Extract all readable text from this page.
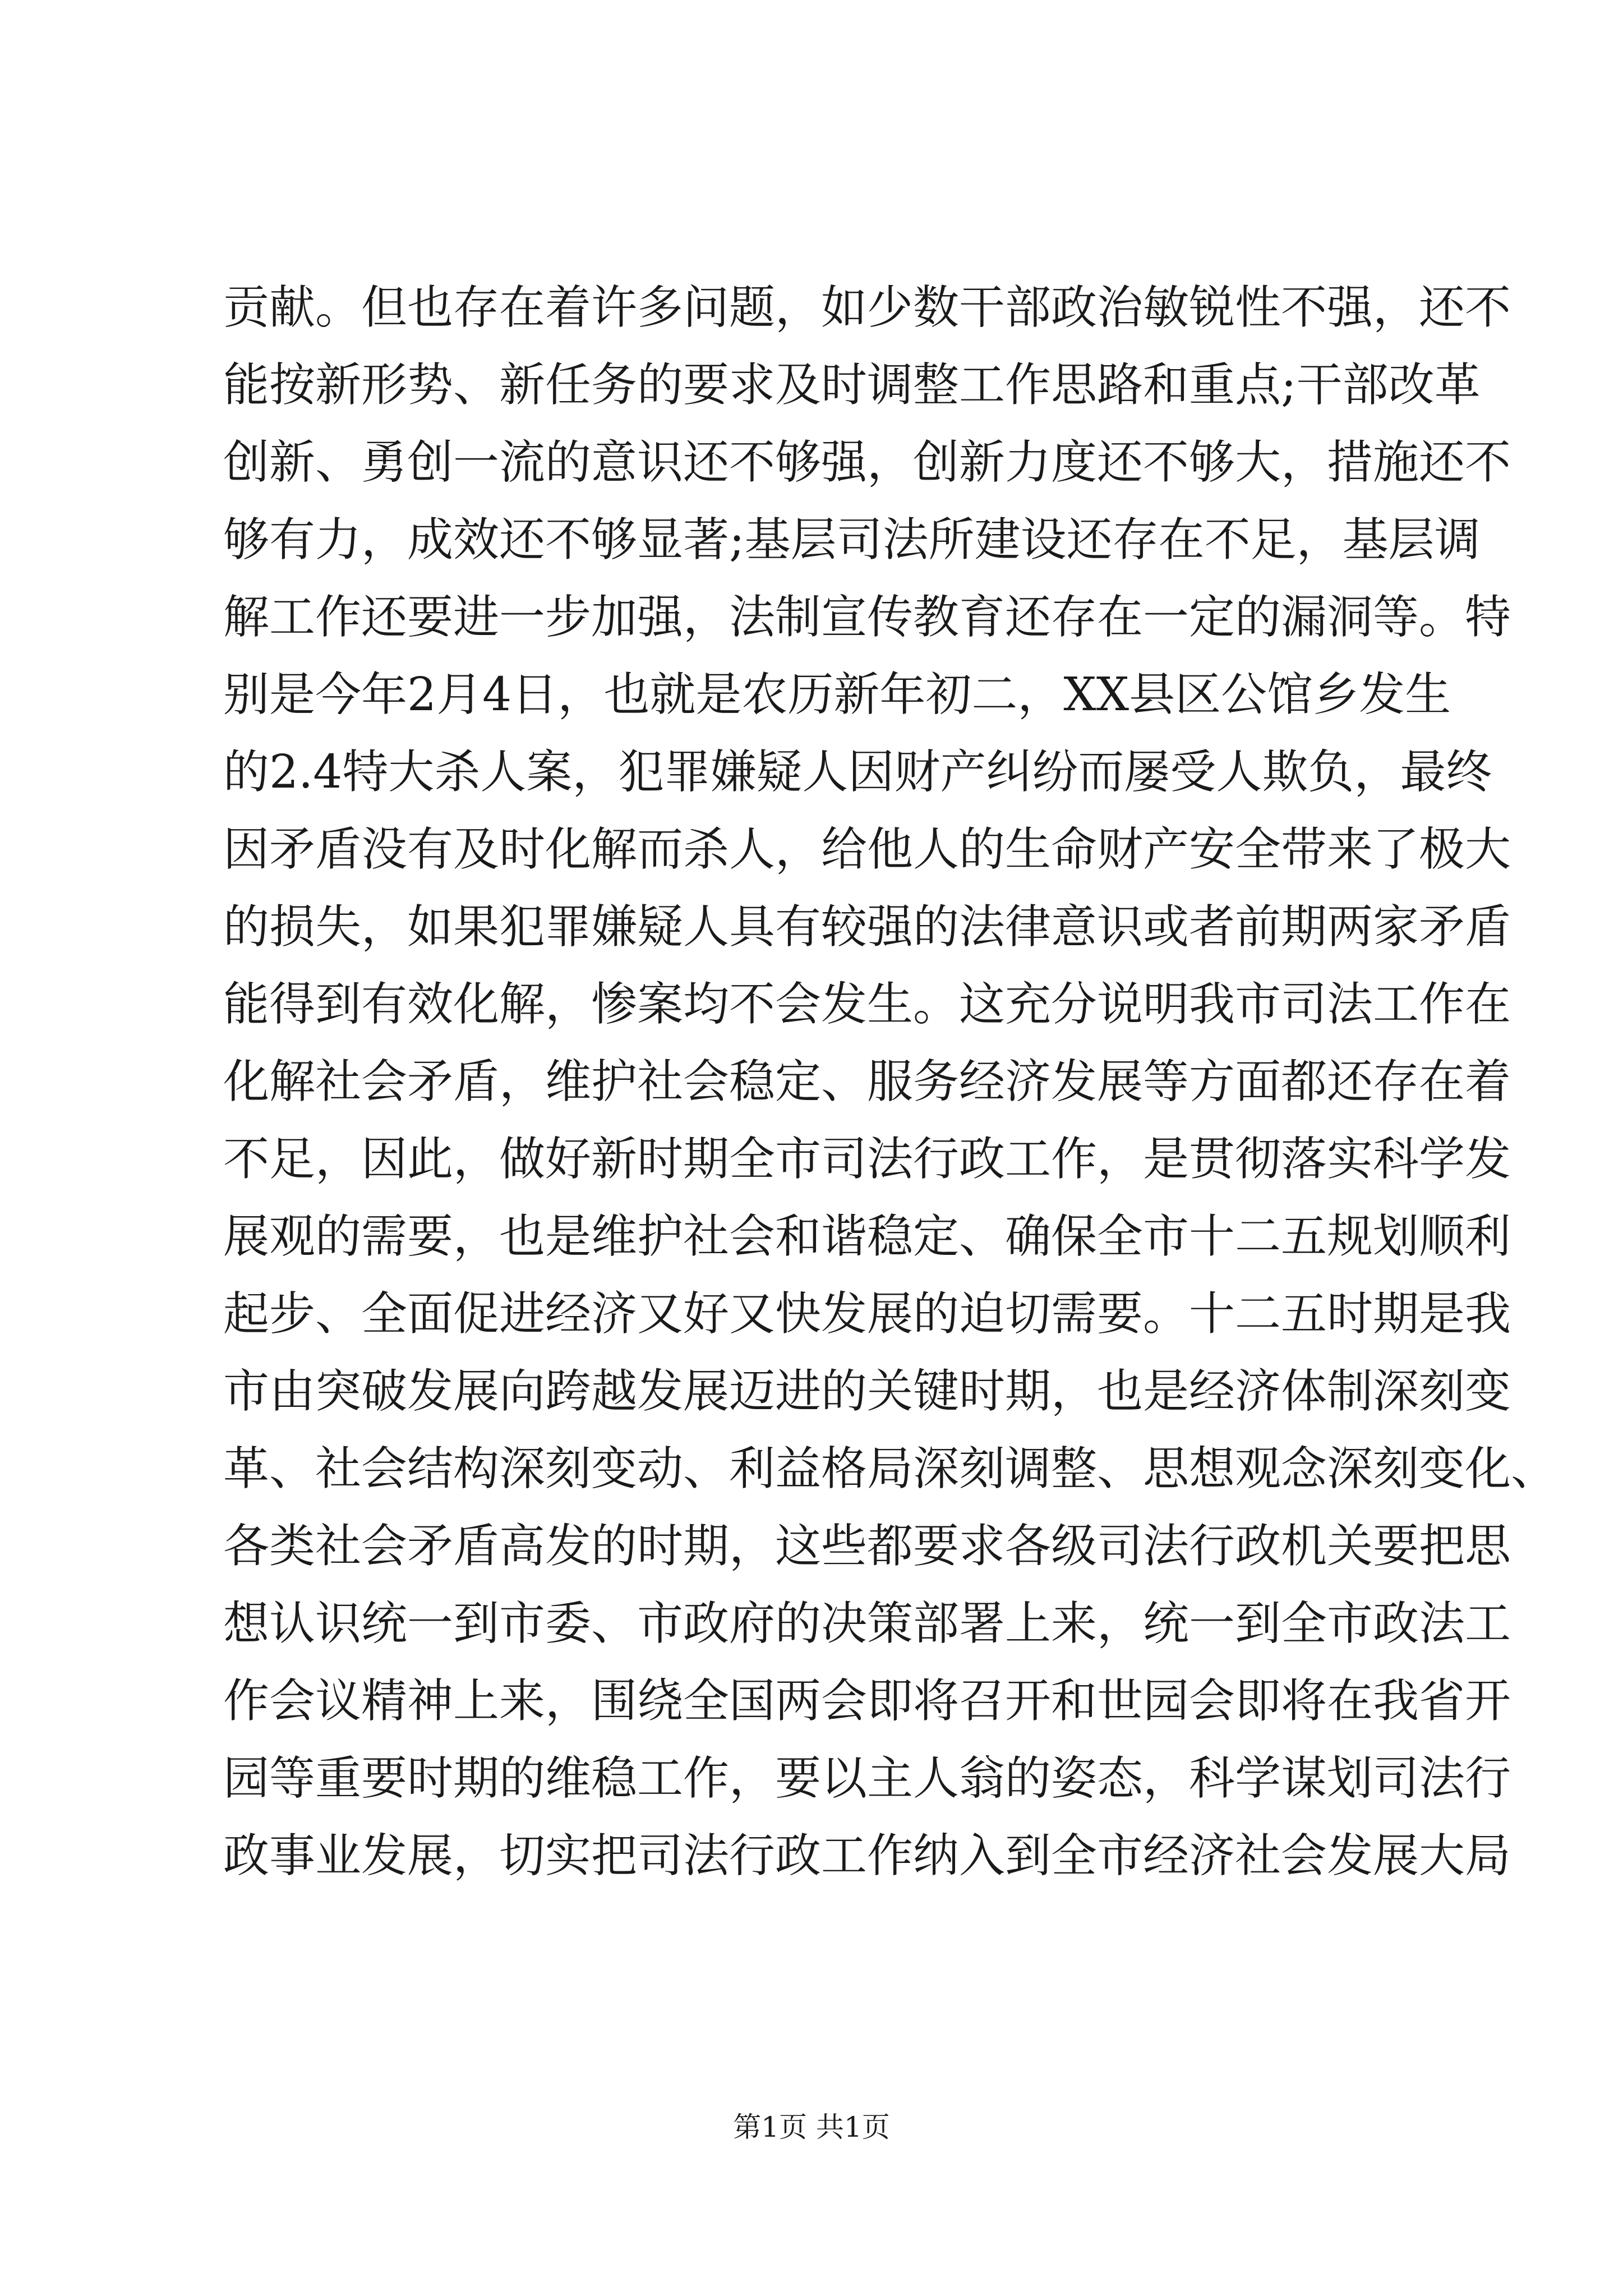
贡献。但也存在着许多问题，如少数干部政治敏锐性不强，还不
能按新形势、新任务的要求及时调整工作思路和重点;干部改革
创新、勇创一流的意识还不够强，创新力度还不够大，措施还不
够有力，成效还不够显著;基层司法所建设还存在不足，基层调
解工作还要进一步加强，法制宣传教育还存在一定的漏洞等。特
别是今年2月4日，也就是农历新年初二，XX县区公馆乡发生
的2.4特大杀人案，犯罪嫌疑人因财产纠纷而屡受人欺负，最终
因矛盾没有及时化解而杀人，给他人的生命财产安全带来了极大
的损失，如果犯罪嫌疑人具有较强的法律意识或者前期两家矛盾
能得到有效化解，惨案均不会发生。这充分说明我市司法工作在
化解社会矛盾，维护社会稳定、服务经济发展等方面都还存在着
不足，因此，做好新时期全市司法行政工作，是贯彻落实科学发
展观的需要，也是维护社会和谐稳定、确保全市十二五规划顺利
起步、全面促进经济又好又快发展的迫切需要。十二五时期是我
市由突破发展向跨越发展迈进的关键时期，也是经济体制深刻变
革、社会结构深刻变动、利益格局深刻调整、思想观念深刻变化、
各类社会矛盾高发的时期，这些都要求各级司法行政机关要把思
想认识统一到市委、市政府的决策部署上来，统一到全市政法工
作会议精神上来，围绕全国两会即将召开和世园会即将在我省开
园等重要时期的维稳工作，要以主人翁的姿态，科学谋划司法行
政事业发展，切实把司法行政工作纳入到全市经济社会发展大局
第1页 共1页
